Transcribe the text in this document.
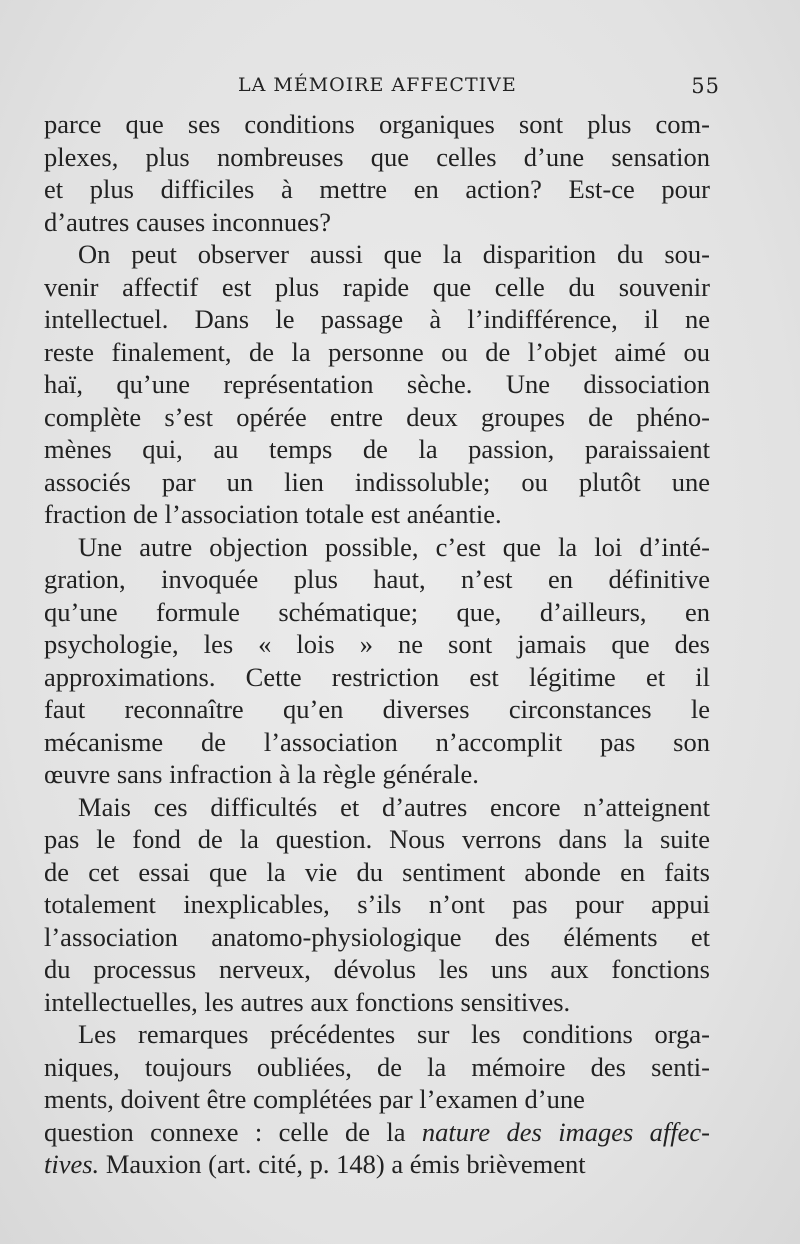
LA MÉMOIRE AFFECTIVE	55
parce que ses conditions organiques sont plus com-
plexes, plus nombreuses que celles d’une sensation
et plus difficiles à mettre en action? Est-ce pour
d’autres causes inconnues?
On peut observer aussi que la disparition du sou-
venir affectif est plus rapide que celle du souvenir
intellectuel. Dans le passage à l’indifférence, il ne
reste finalement, de la personne ou de l’objet aimé ou
haï, qu’une représentation sèche. Une dissociation
complète s’est opérée entre deux groupes de phéno-
mènes qui, au temps de la passion, paraissaient
associés par un lien indissoluble; ou plutôt une
fraction de l’association totale est anéantie.
Une autre objection possible, c’est que la loi d’inté-
gration, invoquée plus haut, n’est en définitive
qu’une formule schématique; que, d’ailleurs, en
psychologie, les « lois » ne sont jamais que des
approximations. Cette restriction est légitime et il
faut reconnaître qu’en diverses circonstances le
mécanisme de l’association n’accomplit pas son
œuvre sans infraction à la règle générale.
Mais ces difficultés et d’autres encore n’atteignent
pas le fond de la question. Nous verrons dans la suite
de cet essai que la vie du sentiment abonde en faits
totalement inexplicables, s’ils n’ont pas pour appui
l’association anatomo-physiologique des éléments et
du processus nerveux, dévolus les uns aux fonctions
intellectuelles, les autres aux fonctions sensitives.
Les remarques précédentes sur les conditions orga-
niques, toujours oubliées, de la mémoire des senti-
ments, doivent être complétées par l’examen d’une
question connexe : celle de la nature des images affec-
tives. Mauxion (art. cité, p. 148) a émis brièvement
